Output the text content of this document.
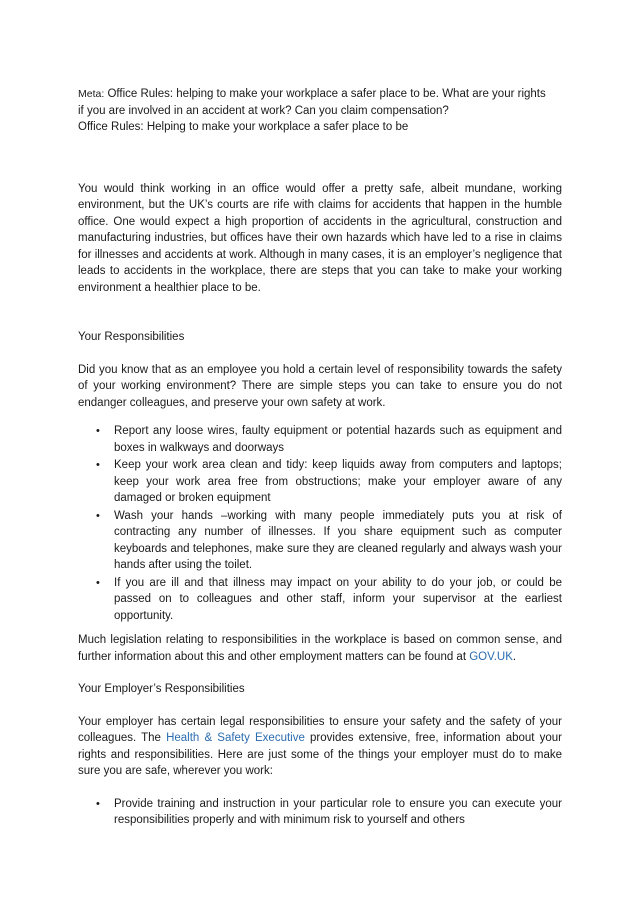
Meta: Office Rules: helping to make your workplace a safer place to be. What are your rights
if you are involved in an accident at work? Can you claim compensation?
Office Rules: Helping to make your workplace a safer place to be

You would think working in an office would offer a pretty safe, albeit mundane, working environment, but the UK’s courts are rife with claims for accidents that happen in the humble office. One would expect a high proportion of accidents in the agricultural, construction and manufacturing industries, but offices have their own hazards which have led to a rise in claims for illnesses and accidents at work. Although in many cases, it is an employer’s negligence that leads to accidents in the workplace, there are steps that you can take to make your working environment a healthier place to be.

Your Responsibilities

Did you know that as an employee you hold a certain level of responsibility towards the safety of your working environment? There are simple steps you can take to ensure you do not endanger colleagues, and preserve your own safety at work.

•	Report any loose wires, faulty equipment or potential hazards such as equipment and boxes in walkways and doorways
•	Keep your work area clean and tidy: keep liquids away from computers and laptops; keep your work area free from obstructions; make your employer aware of any damaged or broken equipment
•	Wash your hands –working with many people immediately puts you at risk of contracting any number of illnesses. If you share equipment such as computer keyboards and telephones, make sure they are cleaned regularly and always wash your hands after using the toilet.
•	If you are ill and that illness may impact on your ability to do your job, or could be passed on to colleagues and other staff, inform your supervisor at the earliest opportunity.

Much legislation relating to responsibilities in the workplace is based on common sense, and further information about this and other employment matters can be found at GOV.UK.

Your Employer’s Responsibilities

Your employer has certain legal responsibilities to ensure your safety and the safety of your colleagues. The Health & Safety Executive provides extensive, free, information about your rights and responsibilities. Here are just some of the things your employer must do to make sure you are safe, wherever you work:

•	Provide training and instruction in your particular role to ensure you can execute your responsibilities properly and with minimum risk to yourself and others
